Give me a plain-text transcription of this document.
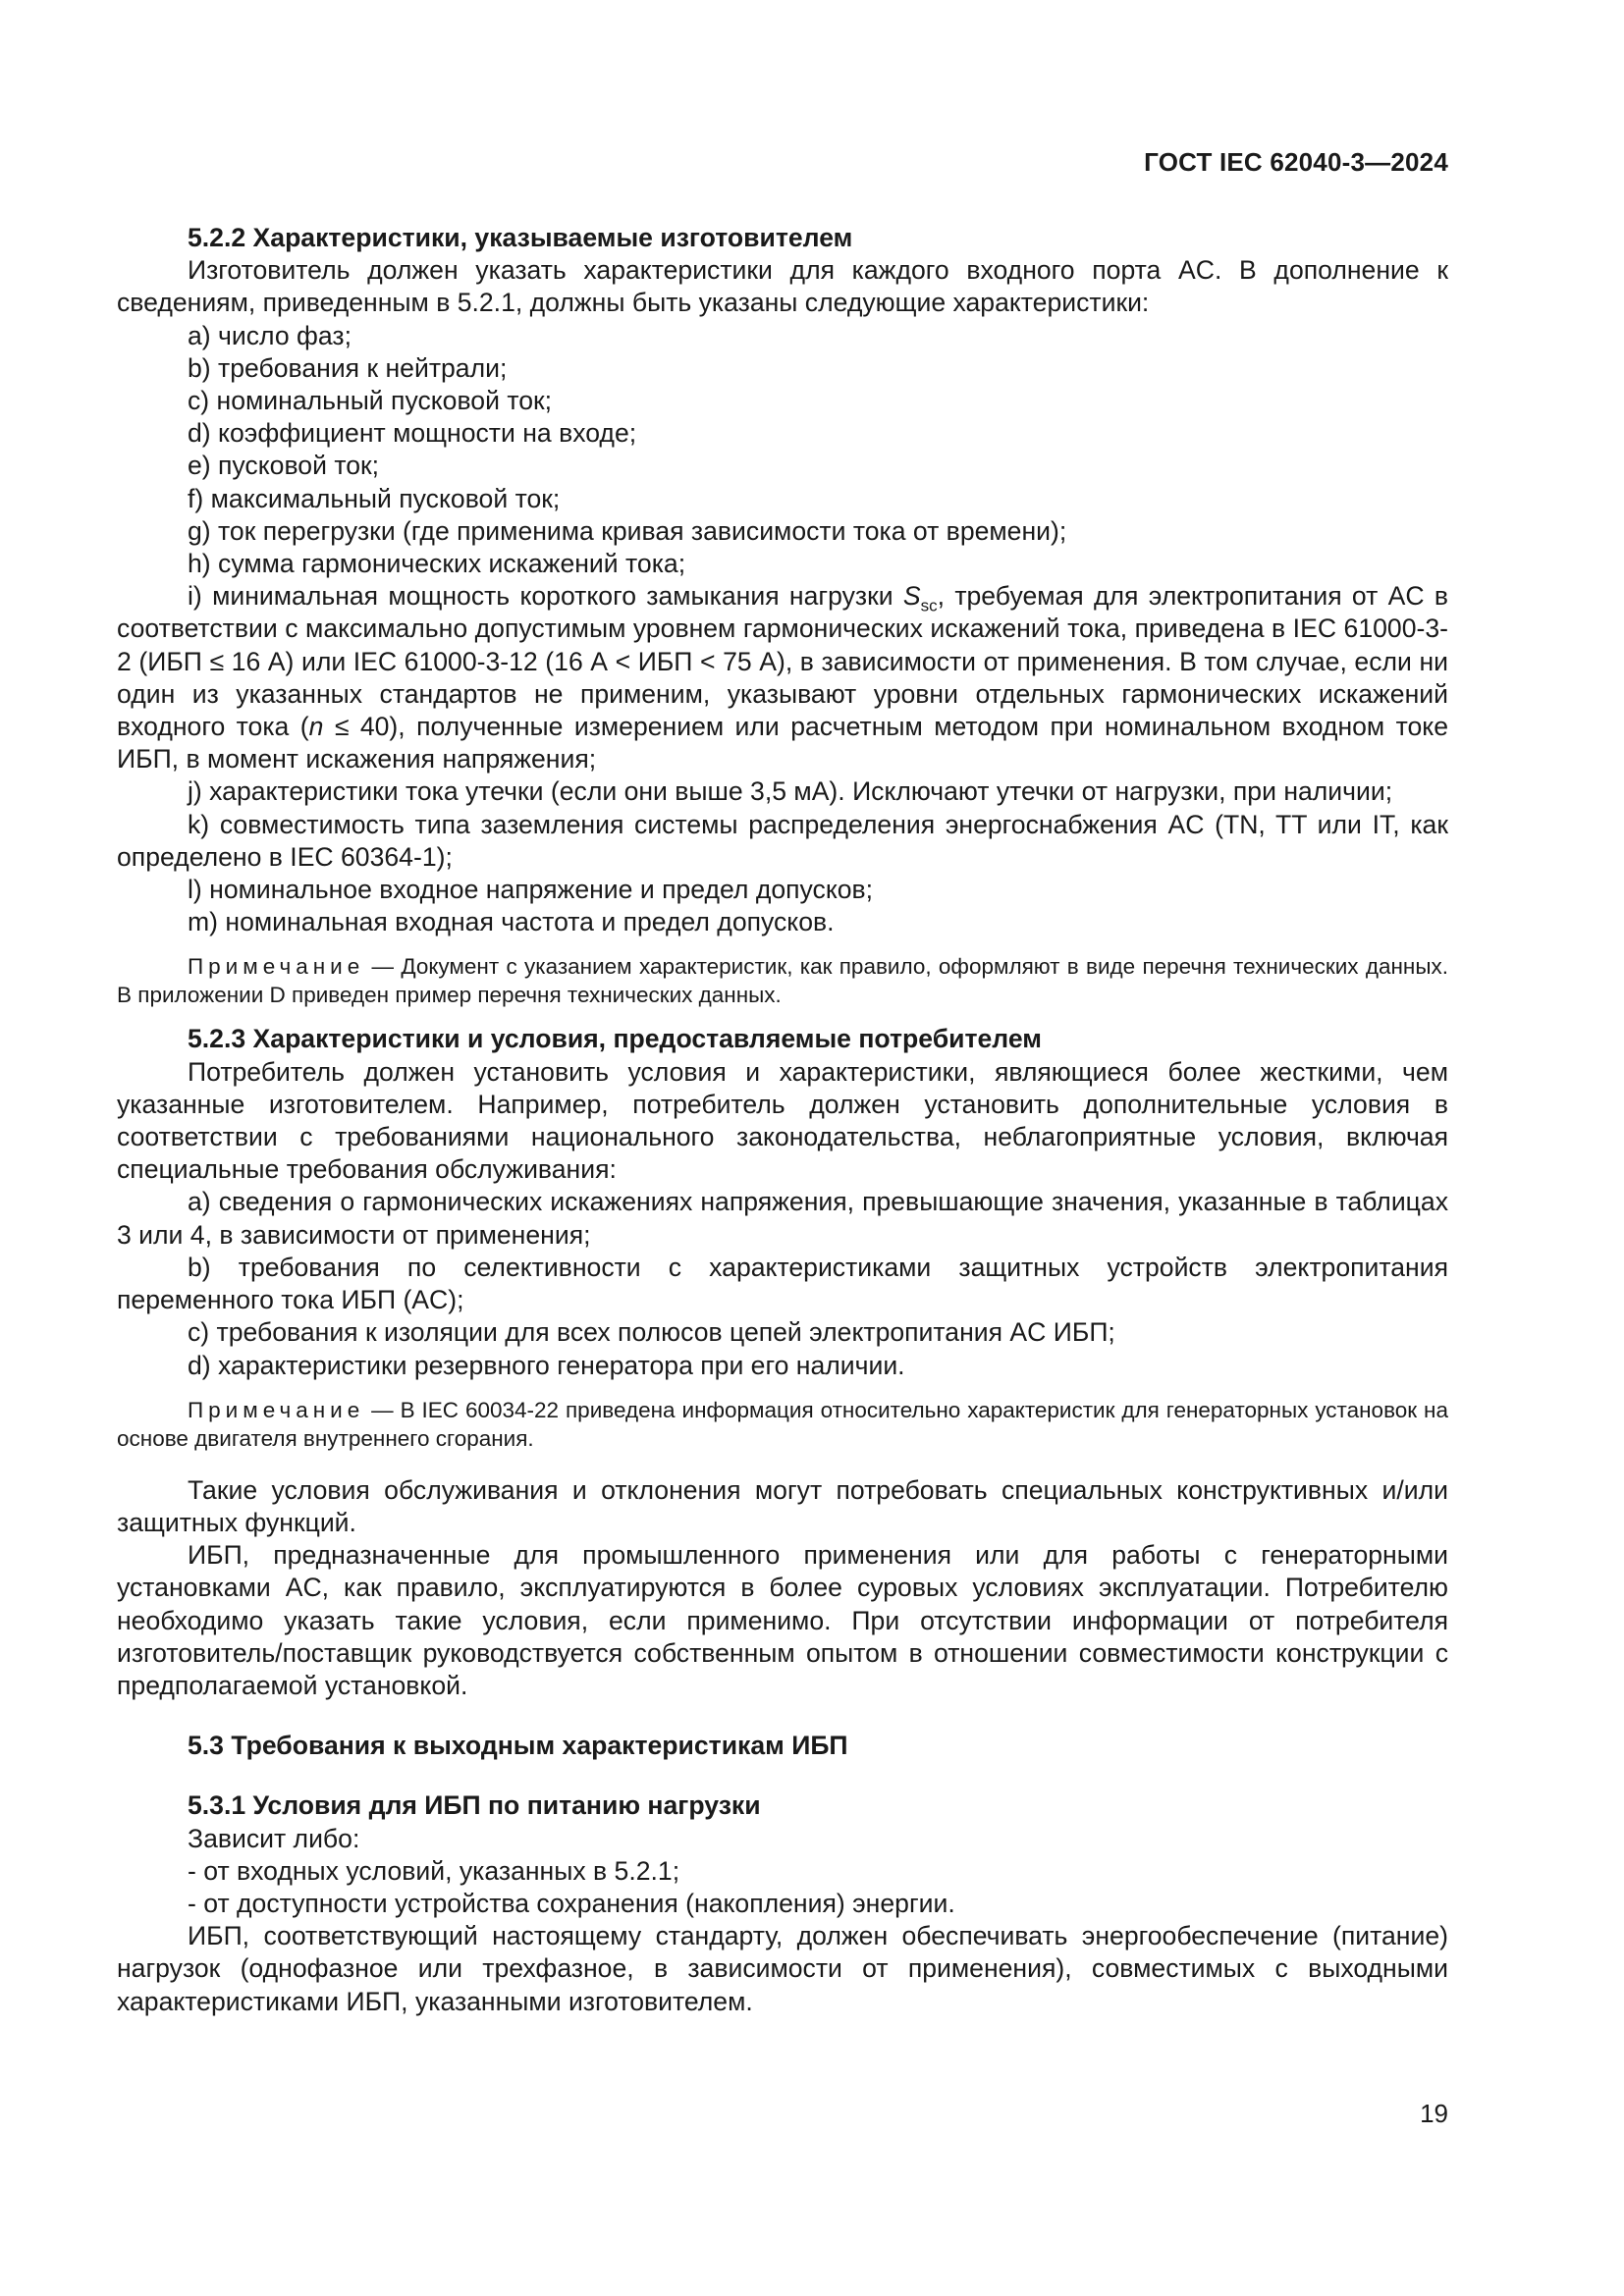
ГОСТ IEC 62040-3—2024

5.2.2 Характеристики, указываемые изготовителем

Изготовитель должен указать характеристики для каждого входного порта AC. В дополнение к сведениям, приведенным в 5.2.1, должны быть указаны следующие характеристики:

a) число фаз;

b) требования к нейтрали;

c) номинальный пусковой ток;

d) коэффициент мощности на входе;

e) пусковой ток;

f) максимальный пусковой ток;

g) ток перегрузки (где применима кривая зависимости тока от времени);

h) сумма гармонических искажений тока;

i) минимальная мощность короткого замыкания нагрузки $S_{sc}$, требуемая для электропитания от AC в соответствии с максимально допустимым уровнем гармонических искажений тока, приведена в IEC 61000-3-2 (ИБП ≤ 16 А) или IEC 61000-3-12 (16 А < ИБП < 75 А), в зависимости от применения. В том случае, если ни один из указанных стандартов не применим, указывают уровни отдельных гармонических искажений входного тока (n ≤ 40), полученные измерением или расчетным методом при номинальном входном токе ИБП, в момент искажения напряжения;

j) характеристики тока утечки (если они выше 3,5 мА). Исключают утечки от нагрузки, при наличии;

k) совместимость типа заземления системы распределения энергоснабжения AC (TN, TT или IT, как определено в IEC 60364-1);

l) номинальное входное напряжение и предел допусков;

m) номинальная входная частота и предел допусков.

Примечание — Документ с указанием характеристик, как правило, оформляют в виде перечня технических данных. В приложении D приведен пример перечня технических данных.

5.2.3 Характеристики и условия, предоставляемые потребителем

Потребитель должен установить условия и характеристики, являющиеся более жесткими, чем указанные изготовителем. Например, потребитель должен установить дополнительные условия в соответствии с требованиями национального законодательства, неблагоприятные условия, включая специальные требования обслуживания:

a) сведения о гармонических искажениях напряжения, превышающие значения, указанные в таблицах 3 или 4, в зависимости от применения;

b) требования по селективности с характеристиками защитных устройств электропитания переменного тока ИБП (AC);

c) требования к изоляции для всех полюсов цепей электропитания AC ИБП;

d) характеристики резервного генератора при его наличии.

Примечание — В IEC 60034-22 приведена информация относительно характеристик для генераторных установок на основе двигателя внутреннего сгорания.

Такие условия обслуживания и отклонения могут потребовать специальных конструктивных и/или защитных функций.

ИБП, предназначенные для промышленного применения или для работы с генераторными установками AC, как правило, эксплуатируются в более суровых условиях эксплуатации. Потребителю необходимо указать такие условия, если применимо. При отсутствии информации от потребителя изготовитель/поставщик руководствуется собственным опытом в отношении совместимости конструкции с предполагаемой установкой.

5.3 Требования к выходным характеристикам ИБП

5.3.1 Условия для ИБП по питанию нагрузки

Зависит либо:

- от входных условий, указанных в 5.2.1;

- от доступности устройства сохранения (накопления) энергии.

ИБП, соответствующий настоящему стандарту, должен обеспечивать энергообеспечение (питание) нагрузок (однофазное или трехфазное, в зависимости от применения), совместимых с выходными характеристиками ИБП, указанными изготовителем.

19
